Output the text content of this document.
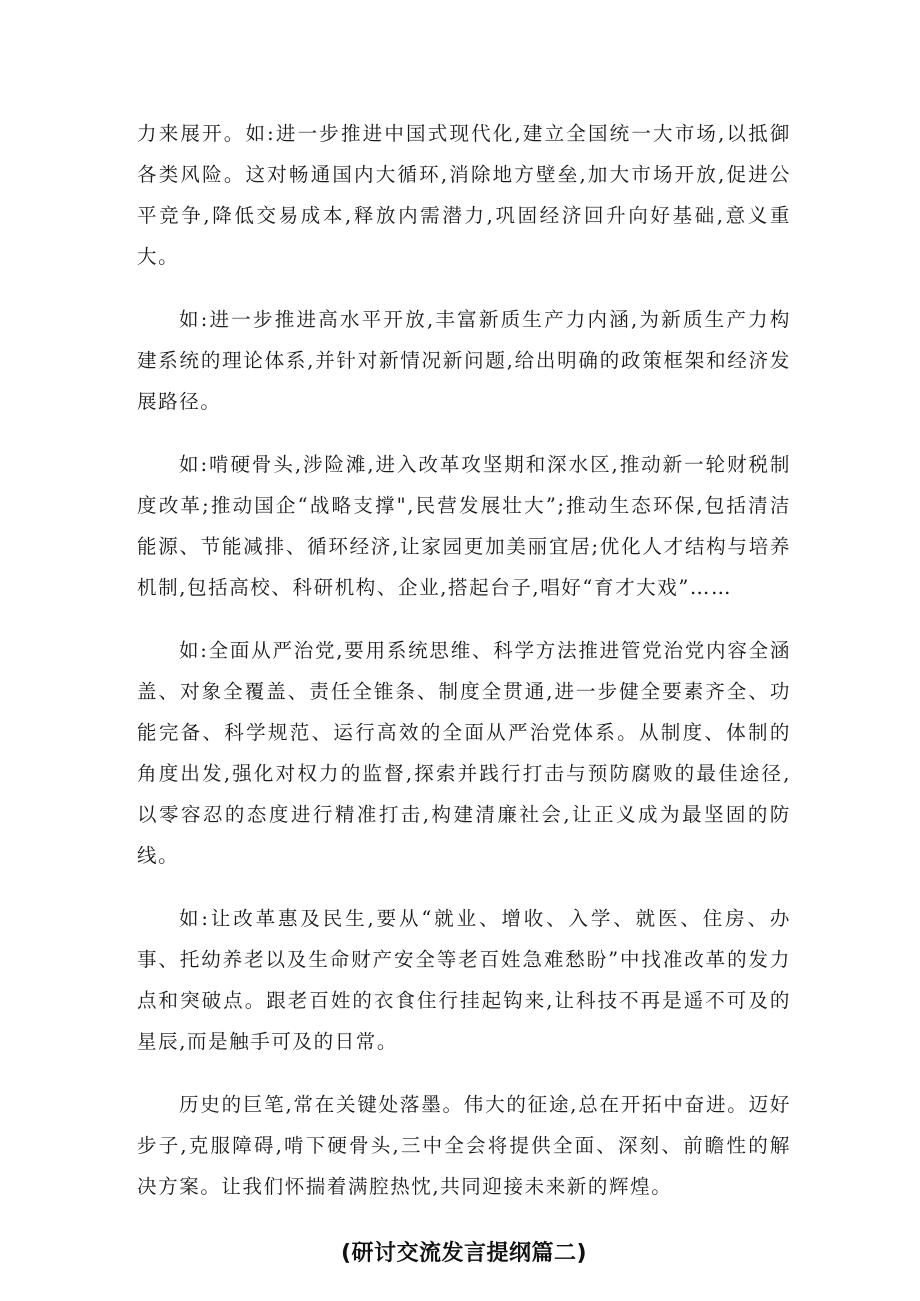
力来展开。如:进一步推进中国式现代化,建立全国统一大市场,以抵御各类风险。这对畅通国内大循环,消除地方壁垒,加大市场开放,促进公平竞争,降低交易成本,释放内需潜力,巩固经济回升向好基础,意义重大。

如:进一步推进高水平开放,丰富新质生产力内涵,为新质生产力构建系统的理论体系,并针对新情况新问题,给出明确的政策框架和经济发展路径。

如:啃硬骨头,涉险滩,进入改革攻坚期和深水区,推动新一轮财税制度改革;推动国企“战略支撑",民营发展壮大”;推动生态环保,包括清洁能源、节能减排、循环经济,让家园更加美丽宜居;优化人才结构与培养机制,包括高校、科研机构、企业,搭起台子,唱好“育才大戏”……

如:全面从严治党,要用系统思维、科学方法推进管党治党内容全涵盖、对象全覆盖、责任全锥条、制度全贯通,进一步健全要素齐全、功能完备、科学规范、运行高效的全面从严治党体系。从制度、体制的角度出发,强化对权力的监督,探索并践行打击与预防腐败的最佳途径,以零容忍的态度进行精准打击,构建清廉社会,让正义成为最坚固的防线。

如:让改革惠及民生,要从“就业、增收、入学、就医、住房、办事、托幼养老以及生命财产安全等老百姓急难愁盼”中找准改革的发力点和突破点。跟老百姓的衣食住行挂起钩来,让科技不再是遥不可及的星辰,而是触手可及的日常。

历史的巨笔,常在关键处落墨。伟大的征途,总在开拓中奋进。迈好步子,克服障碍,啃下硬骨头,三中全会将提供全面、深刻、前瞻性的解决方案。让我们怀揣着满腔热忱,共同迎接未来新的辉煌。

(研讨交流发言提纲篇二)
